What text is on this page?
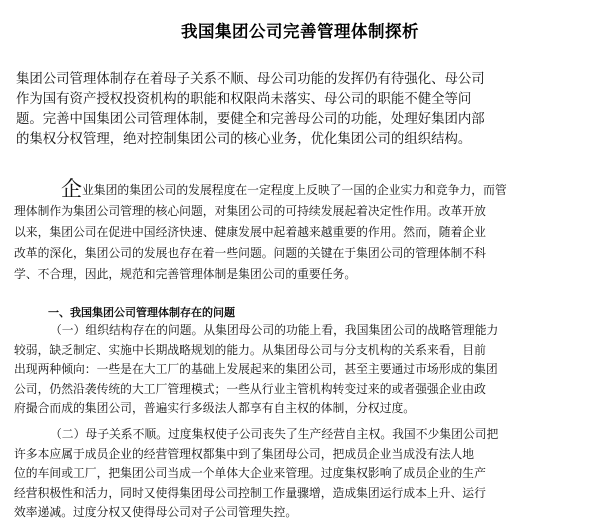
我国集团公司完善管理体制探析
集团公司管理体制存在着母子关系不顺、母公司功能的发挥仍有待强化、母公司
作为国有资产授权投资机构的职能和权限尚未落实、母公司的职能不健全等问
题。完善中国集团公司管理体制，要健全和完善母公司的功能，处理好集团内部
的集权分权管理，绝对控制集团公司的核心业务，优化集团公司的组织结构。
企业集团的集团公司的发展程度在一定程度上反映了一国的企业实力和竞争力，而管
理体制作为集团公司管理的核心问题，对集团公司的可持续发展起着决定性作用。改革开放
以来，集团公司在促进中国经济快速、健康发展中起着越来越重要的作用。然而，随着企业
改革的深化，集团公司的发展也存在着一些问题。问题的关键在于集团公司的管理体制不科
学、不合理，因此，规范和完善管理体制是集团公司的重要任务。
一、我国集团公司管理体制存在的问题
（一）组织结构存在的问题。从集团母公司的功能上看，我国集团公司的战略管理能力
较弱，缺乏制定、实施中长期战略规划的能力。从集团母公司与分支机构的关系来看，目前
出现两种倾向：一些是在大工厂的基础上发展起来的集团公司，甚至主要通过市场形成的集团
公司，仍然沿袭传统的大工厂管理模式；一些从行业主管机构转变过来的或者强强企业由政
府撮合而成的集团公司，普遍实行多级法人都享有自主权的体制，分权过度。
（二）母子关系不顺。过度集权使子公司丧失了生产经营自主权。我国不少集团公司把
许多本应属于成员企业的经营管理权都集中到了集团母公司，把成员企业当成没有法人地
位的车间或工厂，把集团公司当成一个单体大企业来管理。过度集权影响了成员企业的生产
经营积极性和活力，同时又使得集团母公司控制工作量骤增，造成集团运行成本上升、运行
效率递减。过度分权又使得母公司对子公司管理失控。
